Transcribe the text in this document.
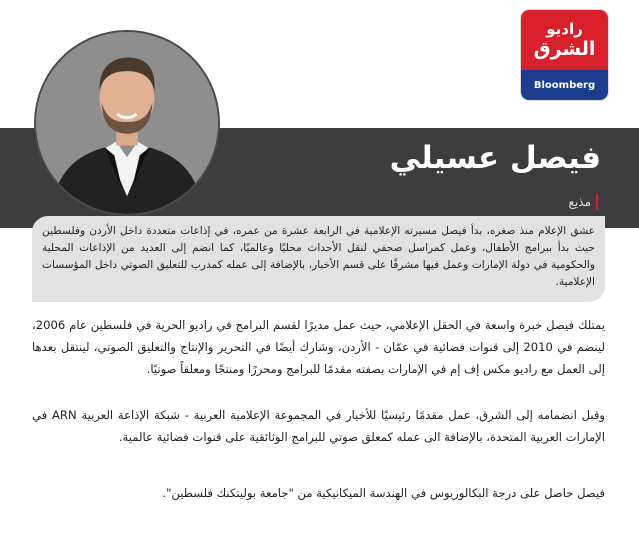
راديو
الشرق
Bloomberg
فيصل عسيلي
مذيع
عشق الإعلام منذ صغره، بدأ فيصل مسيرته الإعلامية في الرابعة عشرة من عمره، في إذاعات متعددة داخل الأردن وفلسطين حيث بدأ ببرامج الأطفال، وعمل كمراسل صحفي لنقل الأحداث محليًا وعالميًا، كما انضم إلى العديد من الإذاعات المحلية والحكومية في دولة الإمارات وعمل فيها مشرفًا على قسم الأخبار، بالإضافة إلى عمله كمدرب للتعليق الصوتي داخل المؤسسات الإعلامية.
يمتلك فيصل خبرة واسعة في الحقل الإعلامي، حيث عمل مديرًا لقسم البرامج في راديو الحرية في فلسطين عام 2006، لينضم في 2010 إلى قنوات فضائية في عمّان - الأردن، وشارك أيضًا في التحرير والإنتاج والتعليق الصوتي، لينتقل بعدها إلى العمل مع راديو مكس إف إم في الإمارات بصفته مقدمًا للبرامج ومحررًا ومنتجًا ومعلقاً صوتيًا.
وقبل انضمامه إلى الشرق، عمل مقدمًا رئيسيًا للأخبار في المجموعة الإعلامية العربية - شبكة الإذاعة العربية ARN في الإمارات العربية المتحدة، بالإضافة الى عمله كمعلق صوتي للبرامج الوثائقية على قنوات فضائية عالمية.
فيصل حاصل على درجة البكالوريوس في الهندسة الميكانيكية من "جامعة بوليتكنك فلسطين".
